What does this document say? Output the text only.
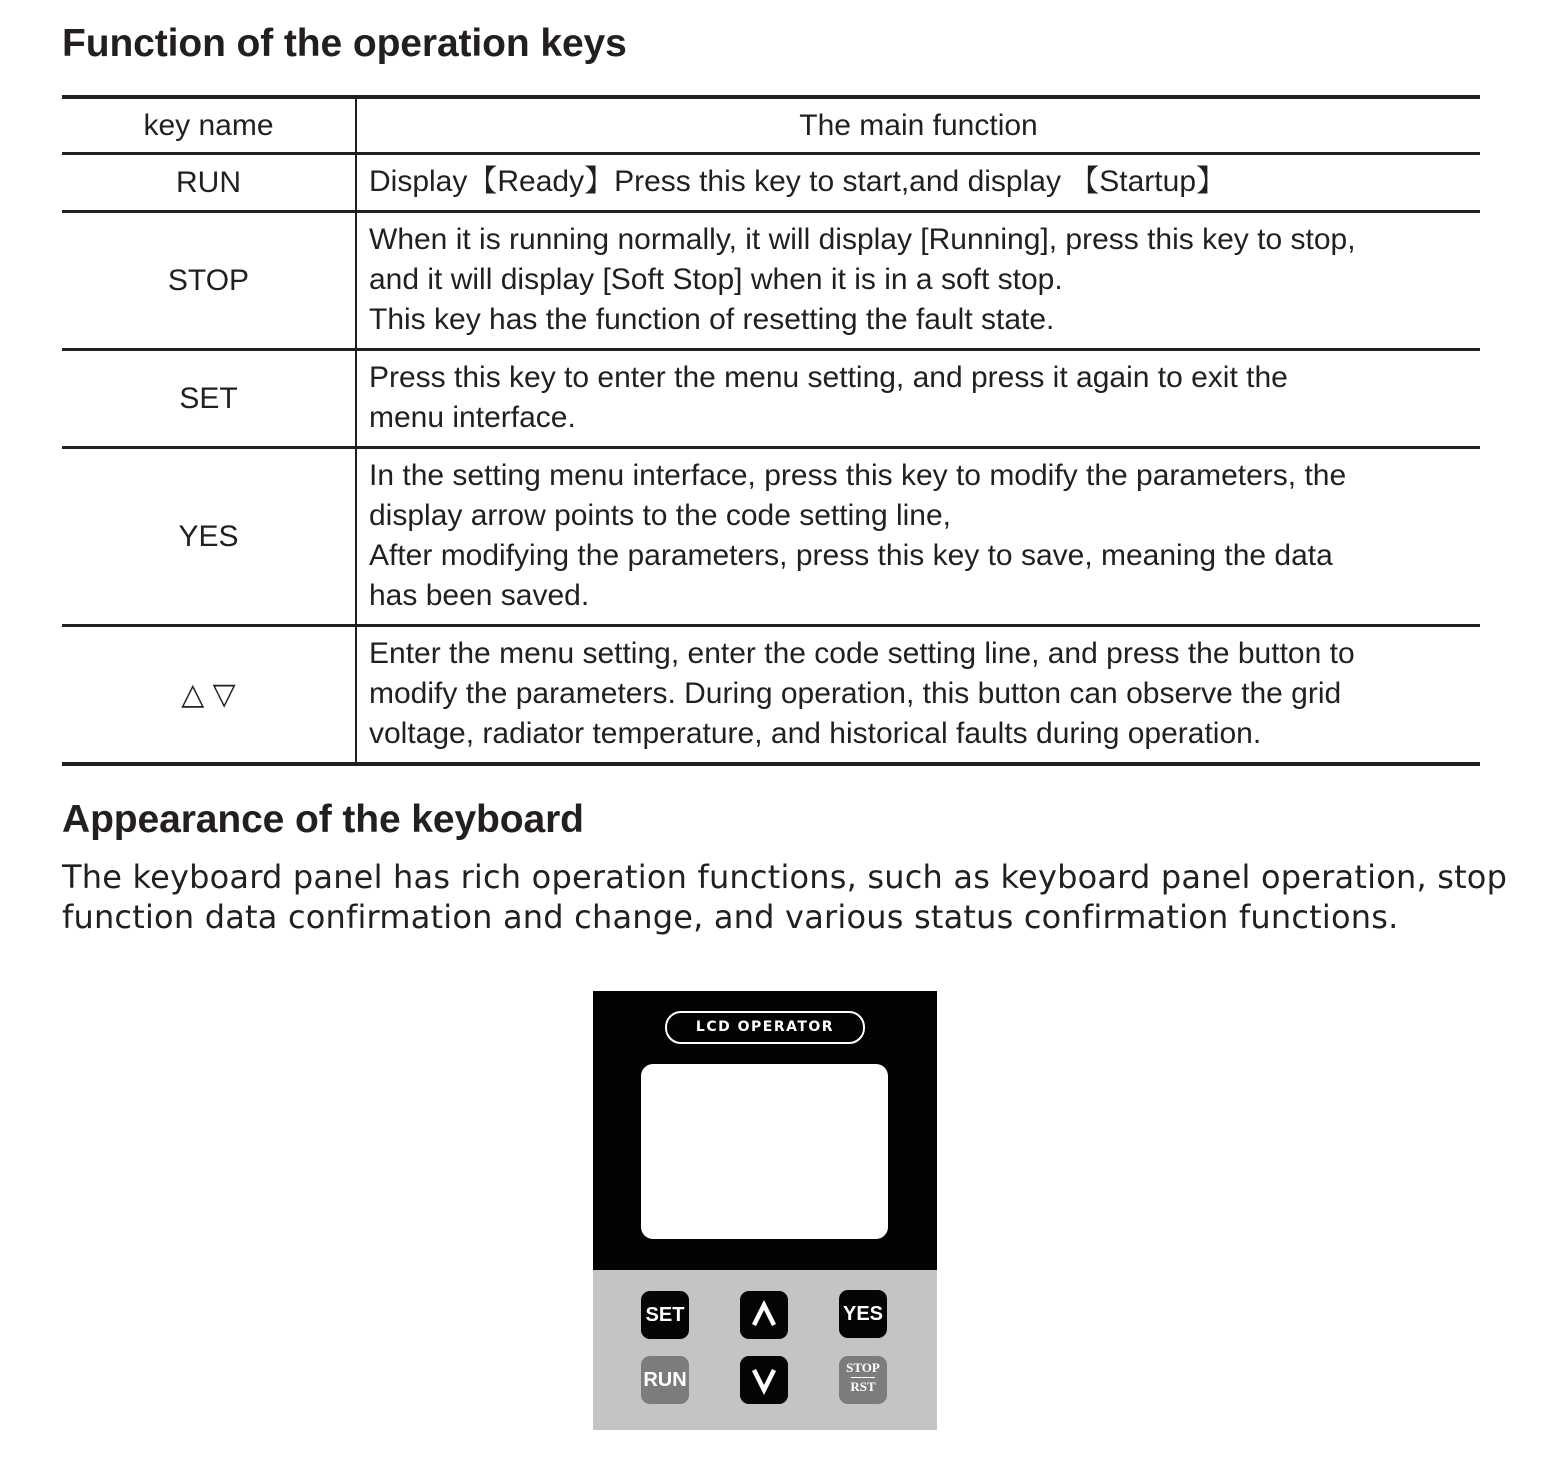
Function of the operation keys
key name	The main function
RUN	Display【Ready】Press this key to start,and display 【Startup】

STOP	When it is running normally, it will display [Running], press this key to stop,
and it will display [Soft Stop] when it is in a soft stop.
This key has the function of resetting the fault state.

SET	Press this key to enter the menu setting, and press it again to exit the
menu interface.

YES	In the setting menu interface, press this key to modify the parameters, the
display arrow points to the code setting line,
After modifying the parameters, press this key to save, meaning the data
has been saved.

△ ▽	Enter the menu setting, enter the code setting line, and press the button to
modify the parameters. During operation, this button can observe the grid
voltage, radiator temperature, and historical faults during operation.
Appearance of the keyboard
The keyboard panel has rich operation functions, such as keyboard panel operation, stop
function data confirmation and change, and various status confirmation functions.
LCD OPERATOR
SET	YES
RUN
STOP
RST
